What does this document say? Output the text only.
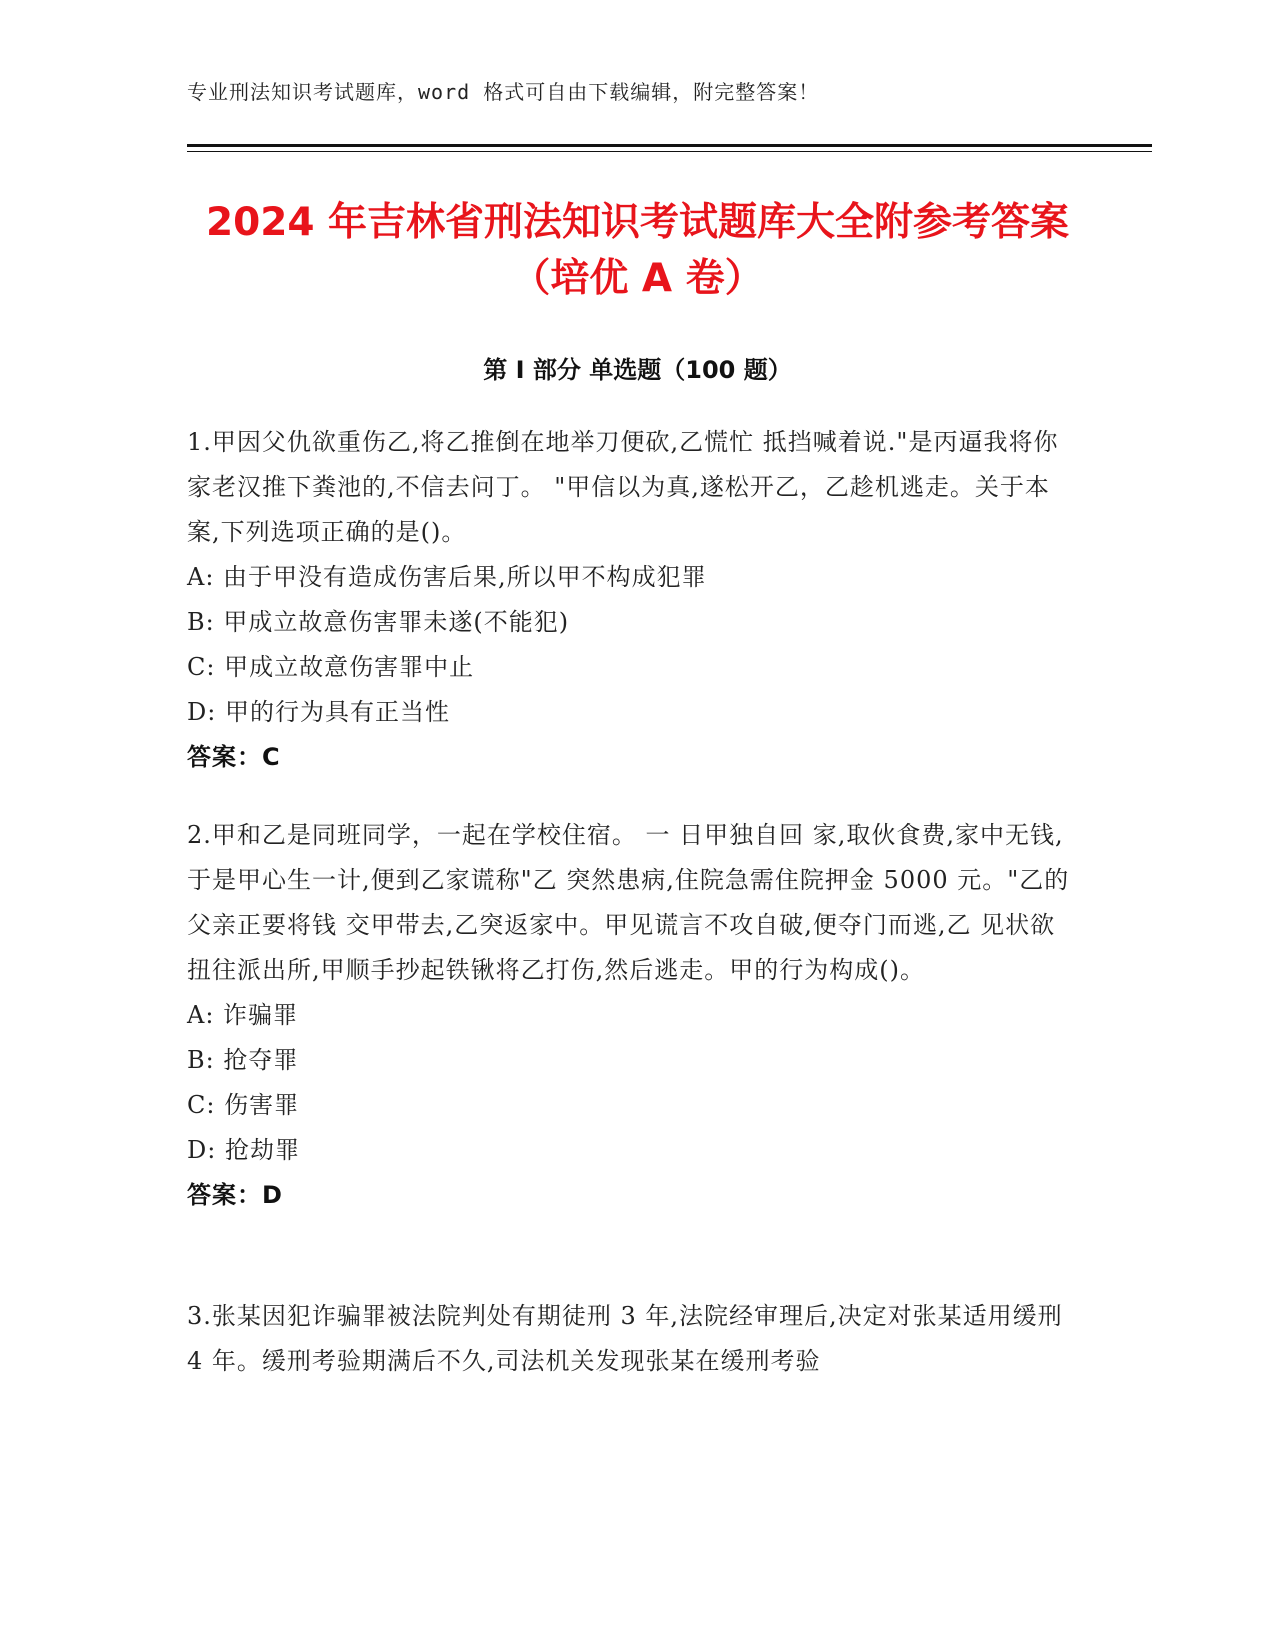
专业刑法知识考试题库，word 格式可自由下载编辑，附完整答案！
2024 年吉林省刑法知识考试题库大全附参考答案（培优 A 卷）
第 I 部分 单选题（100 题）

1.甲因父仇欲重伤乙,将乙推倒在地举刀便砍,乙慌忙 抵挡喊着说."是丙逼我将你家老汉推下粪池的,不信去问丁。 "甲信以为真,遂松开乙，乙趁机逃走。关于本案,下列选项正确的是()。

A: 由于甲没有造成伤害后果,所以甲不构成犯罪

B: 甲成立故意伤害罪未遂(不能犯)

C: 甲成立故意伤害罪中止

D: 甲的行为具有正当性

答案：C

2.甲和乙是同班同学，一起在学校住宿。 一 日甲独自回 家,取伙食费,家中无钱,于是甲心生一计,便到乙家谎称"乙 突然患病,住院急需住院押金 5000 元。"乙的父亲正要将钱 交甲带去,乙突返家中。甲见谎言不攻自破,便夺门而逃,乙 见状欲扭往派出所,甲顺手抄起铁锹将乙打伤,然后逃走。甲的行为构成()。

A: 诈骗罪

B: 抢夺罪

C: 伤害罪

D: 抢劫罪

答案：D

3.张某因犯诈骗罪被法院判处有期徒刑 3 年,法院经审理后,决定对张某适用缓刑 4 年。缓刑考验期满后不久,司法机关发现张某在缓刑考验
